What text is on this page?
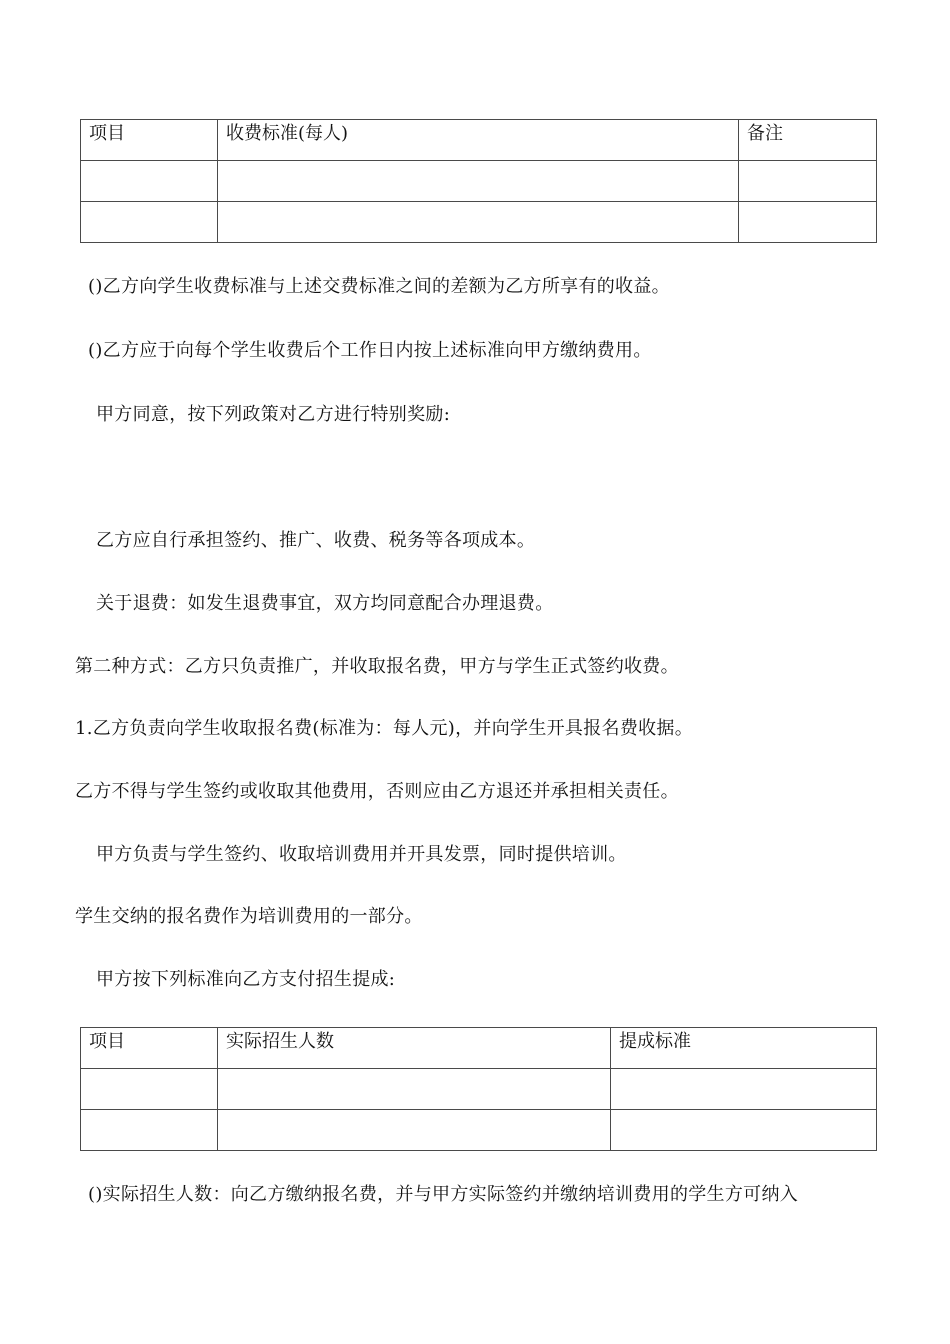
项目	收费标准(每人)	备注

()乙方向学生收费标准与上述交费标准之间的差额为乙方所享有的收益。
()乙方应于向每个学生收费后个工作日内按上述标准向甲方缴纳费用。
甲方同意，按下列政策对乙方进行特别奖励:
乙方应自行承担签约、推广、收费、税务等各项成本。
关于退费：如发生退费事宜，双方均同意配合办理退费。
第二种方式：乙方只负责推广，并收取报名费，甲方与学生正式签约收费。
1.乙方负责向学生收取报名费(标准为：每人元)，并向学生开具报名费收据。
乙方不得与学生签约或收取其他费用，否则应由乙方退还并承担相关责任。
甲方负责与学生签约、收取培训费用并开具发票，同时提供培训。
学生交纳的报名费作为培训费用的一部分。
甲方按下列标准向乙方支付招生提成:
项目	实际招生人数	提成标准

()实际招生人数：向乙方缴纳报名费，并与甲方实际签约并缴纳培训费用的学生方可纳入
